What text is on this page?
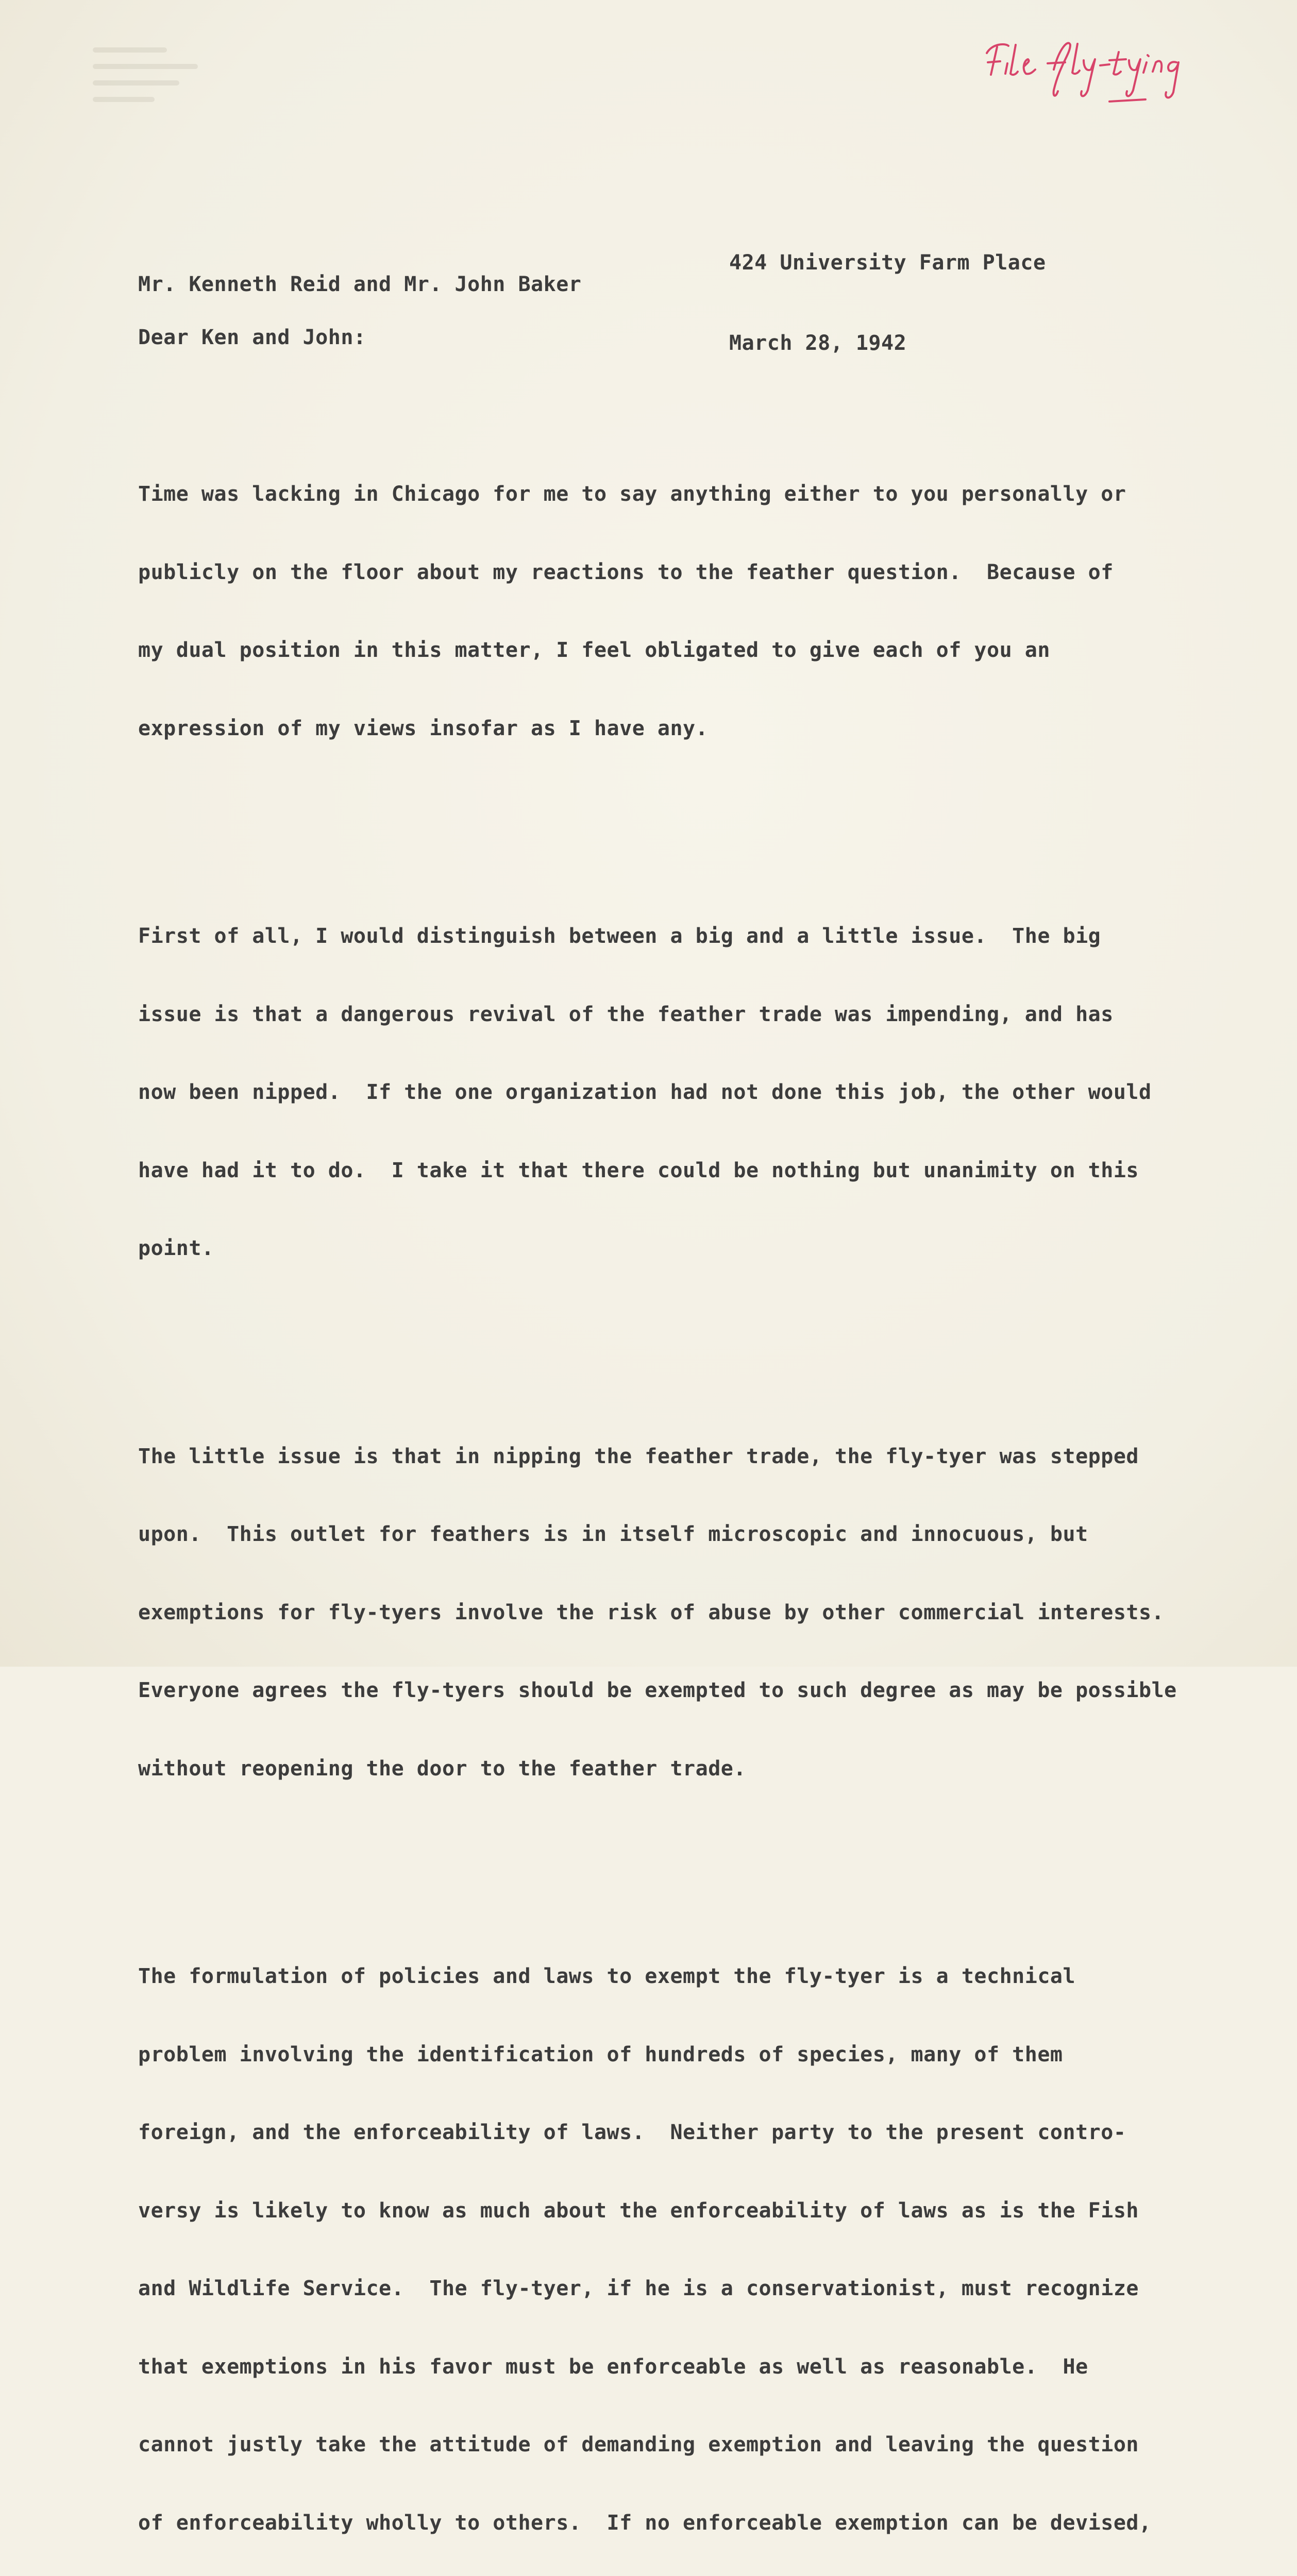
424 University Farm Place

March 28, 1942

Mr. Kenneth Reid and Mr. John Baker
Dear Ken and John:

Time was lacking in Chicago for me to say anything either to you personally or

publicly on the floor about my reactions to the feather question.  Because of

my dual position in this matter, I feel obligated to give each of you an

expression of my views insofar as I have any.

First of all, I would distinguish between a big and a little issue.  The big

issue is that a dangerous revival of the feather trade was impending, and has

now been nipped.  If the one organization had not done this job, the other would

have had it to do.  I take it that there could be nothing but unanimity on this

point.

The little issue is that in nipping the feather trade, the fly-tyer was stepped

upon.  This outlet for feathers is in itself microscopic and innocuous, but

exemptions for fly-tyers involve the risk of abuse by other commercial interests.

Everyone agrees the fly-tyers should be exempted to such degree as may be possible

without reopening the door to the feather trade.

The formulation of policies and laws to exempt the fly-tyer is a technical

problem involving the identification of hundreds of species, many of them

foreign, and the enforceability of laws.  Neither party to the present contro-

versy is likely to know as much about the enforceability of laws as is the Fish

and Wildlife Service.  The fly-tyer, if he is a conservationist, must recognize

that exemptions in his favor must be enforceable as well as reasonable.  He

cannot justly take the attitude of demanding exemption and leaving the question

of enforceability wholly to others.  If no enforceable exemption can be devised,
